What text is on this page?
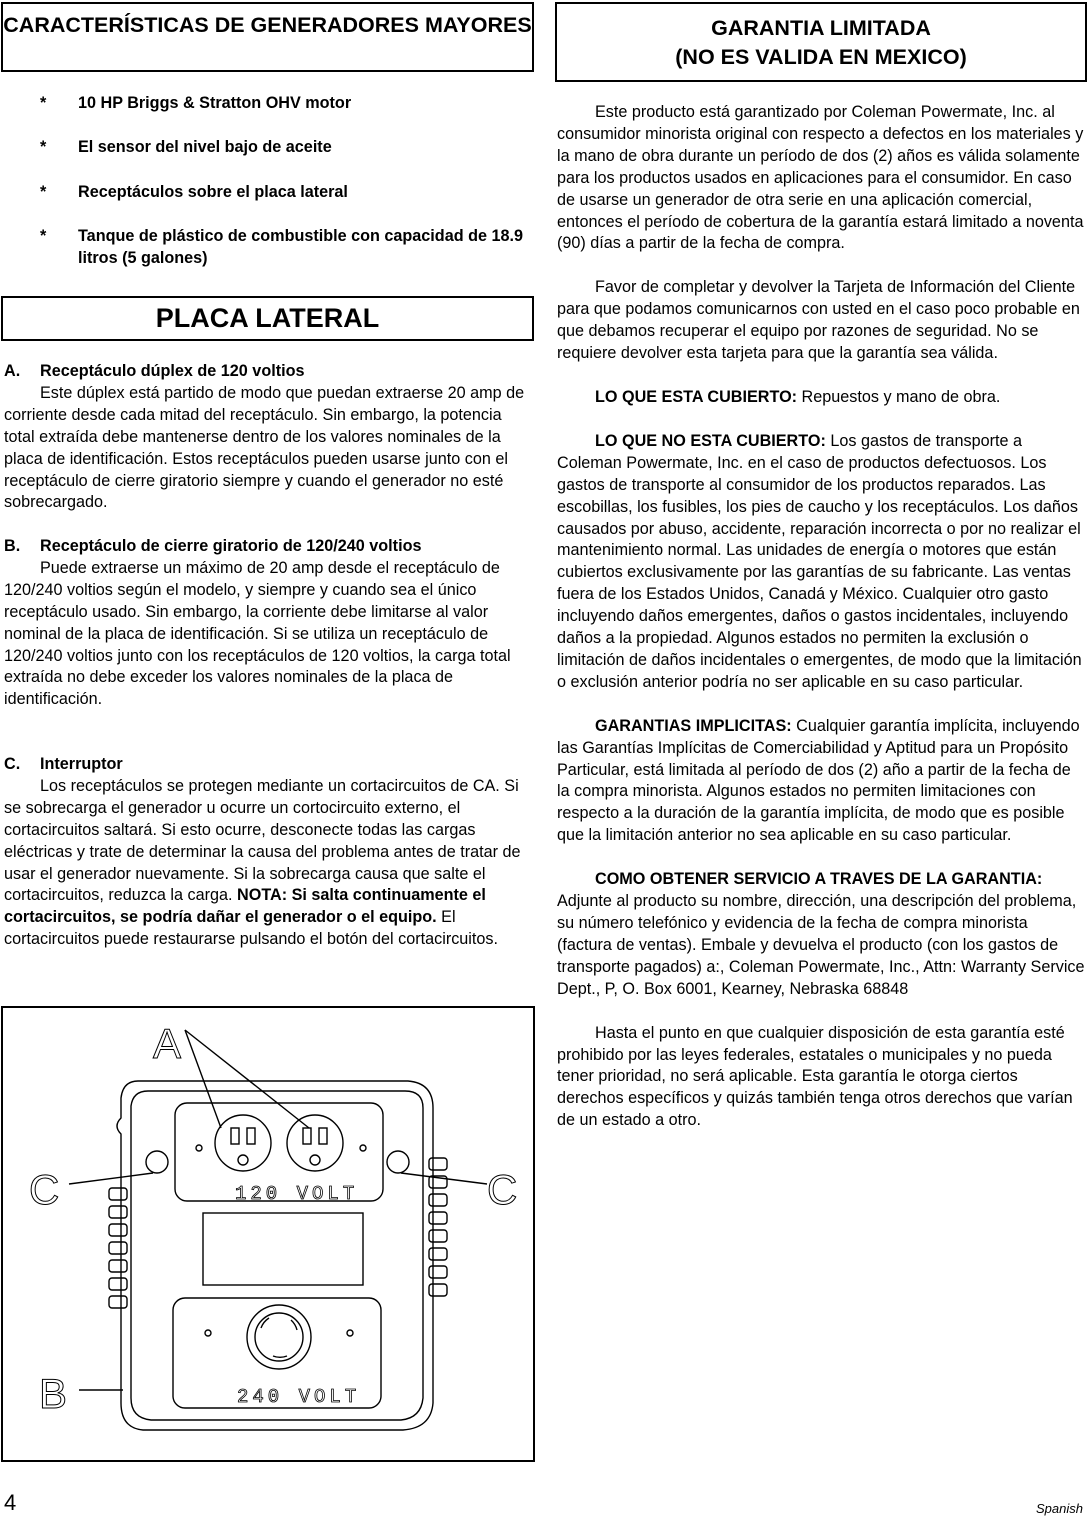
CARACTERÍSTICAS DE GENERADORES MAYORES
*	10 HP Briggs & Stratton OHV motor
*	El sensor del nivel bajo de aceite
*	Receptáculos sobre el placa lateral
*	Tanque de plástico de combustible con capacidad de 18.9 litros (5 galones)
PLACA LATERAL
A.	Receptáculo dúplex de 120 voltios

Este dúplex está partido de modo que puedan extraerse 20 amp de corriente desde cada mitad del receptáculo. Sin embargo, la potencia total extraída debe mantenerse dentro de los valores nominales de la placa de identificación. Estos receptáculos pueden usarse junto con el receptáculo de cierre giratorio siempre y cuando el generador no esté sobrecargado.

B.	Receptáculo de cierre giratorio de 120/240 voltios

Puede extraerse un máximo de 20 amp desde el receptáculo de 120/240 voltios según el modelo, y siempre y cuando sea el único receptáculo usado. Sin embargo, la corriente debe limitarse al valor nominal de la placa de identificación. Si se utiliza un receptáculo de 120/240 voltios junto con los receptáculos de 120 voltios, la carga total extraída no debe exceder los valores nominales de la placa de identificación.

C.	Interruptor

Los receptáculos se protegen mediante un cortacircuitos de CA. Si se sobrecarga el generador u ocurre un cortocircuito externo, el cortacircuitos saltará. Si esto ocurre, desconecte todas las cargas eléctricas y trate de determinar la causa del problema antes de tratar de usar el generador nuevamente. Si la sobrecarga causa que salte el cortacircuitos, reduzca la carga. NOTA: Si salta continuamente el cortacircuitos, se podría dañar el generador o el equipo. El cortacircuitos puede restaurarse pulsando el botón del cortacircuitos.

A
C	C
B
120 VOLT
240 VOLT
GARANTIA LIMITADA
(NO ES VALIDA EN MEXICO)

Este producto está garantizado por Coleman Powermate, Inc. al consumidor minorista original con respecto a defectos en los materiales y la mano de obra durante un período de dos (2) años es válida solamente para los productos usados en aplicaciones para el consumidor. En caso de usarse un generador de otra serie en una aplicación comercial, entonces el período de cobertura de la garantía estará limitado a noventa (90) días a partir de la fecha de compra.

Favor de completar y devolver la Tarjeta de Información del Cliente para que podamos comunicarnos con usted en el caso poco probable en que debamos recuperar el equipo por razones de seguridad. No se requiere devolver esta tarjeta para que la garantía sea válida.

LO QUE ESTA CUBIERTO: Repuestos y mano de obra.

LO QUE NO ESTA CUBIERTO: Los gastos de transporte a Coleman Powermate, Inc. en el caso de productos defectuosos. Los gastos de transporte al consumidor de los productos reparados. Las escobillas, los fusibles, los pies de caucho y los receptáculos. Los daños causados por abuso, accidente, reparación incorrecta o por no realizar el mantenimiento normal. Las unidades de energía o motores que están cubiertos exclusivamente por las garantías de su fabricante. Las ventas fuera de los Estados Unidos, Canadá y México. Cualquier otro gasto incluyendo daños emergentes, daños o gastos incidentales, incluyendo daños a la propiedad. Algunos estados no permiten la exclusión o limitación de daños incidentales o emergentes, de modo que la limitación o exclusión anterior podría no ser aplicable en su caso particular.

GARANTIAS IMPLICITAS: Cualquier garantía implícita, incluyendo las Garantías Implícitas de Comerciabilidad y Aptitud para un Propósito Particular, está limitada al período de dos (2) año a partir de la fecha de la compra minorista. Algunos estados no permiten limitaciones con respecto a la duración de la garantía implícita, de modo que es posible que la limitación anterior no sea aplicable en su caso particular.

COMO OBTENER SERVICIO A TRAVES DE LA GARANTIA: Adjunte al producto su nombre, dirección, una descripción del problema, su número telefónico y evidencia de la fecha de compra minorista (factura de ventas). Embale y devuelva el producto (con los gastos de transporte pagados) a:, Coleman Powermate, Inc., Attn: Warranty Service Dept., P, O. Box 6001, Kearney, Nebraska 68848

Hasta el punto en que cualquier disposición de esta garantía esté prohibido por las leyes federales, estatales o municipales y no pueda tener prioridad, no será aplicable. Esta garantía le otorga ciertos derechos específicos y quizás también tenga otros derechos que varían de un estado a otro.

4	Spanish
